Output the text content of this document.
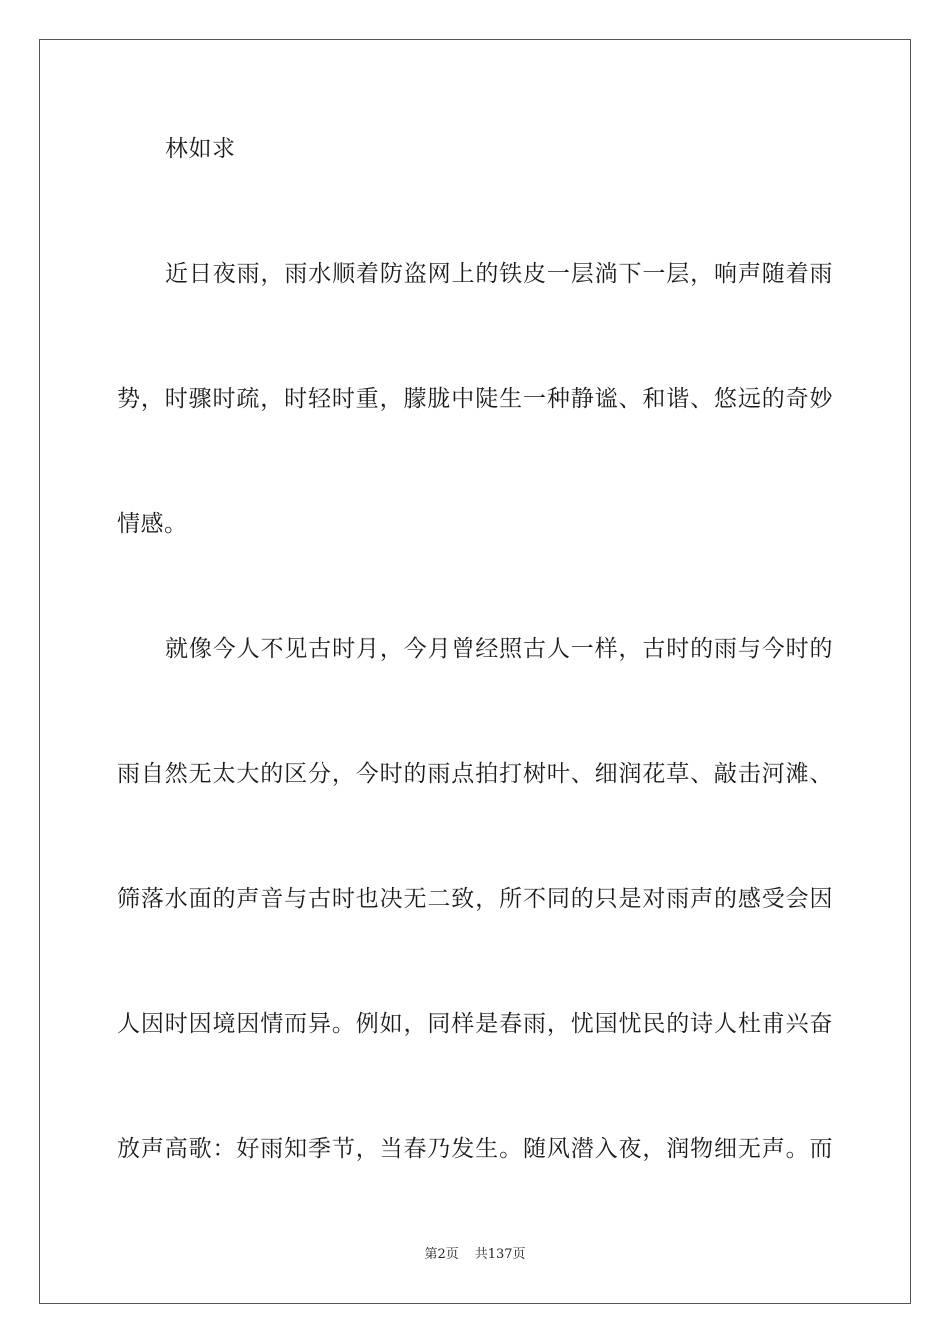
林如求
近日夜雨，雨水顺着防盗网上的铁皮一层淌下一层，响声随着雨
势，时骤时疏，时轻时重，朦胧中陡生一种静谧、和谐、悠远的奇妙
情感。
就像今人不见古时月，今月曾经照古人一样，古时的雨与今时的
雨自然无太大的区分，今时的雨点拍打树叶、细润花草、敲击河滩、
筛落水面的声音与古时也决无二致，所不同的只是对雨声的感受会因
人因时因境因情而异。例如，同样是春雨，忧国忧民的诗人杜甫兴奋
放声高歌：好雨知季节，当春乃发生。随风潜入夜，润物细无声。而
第2页 共137页
